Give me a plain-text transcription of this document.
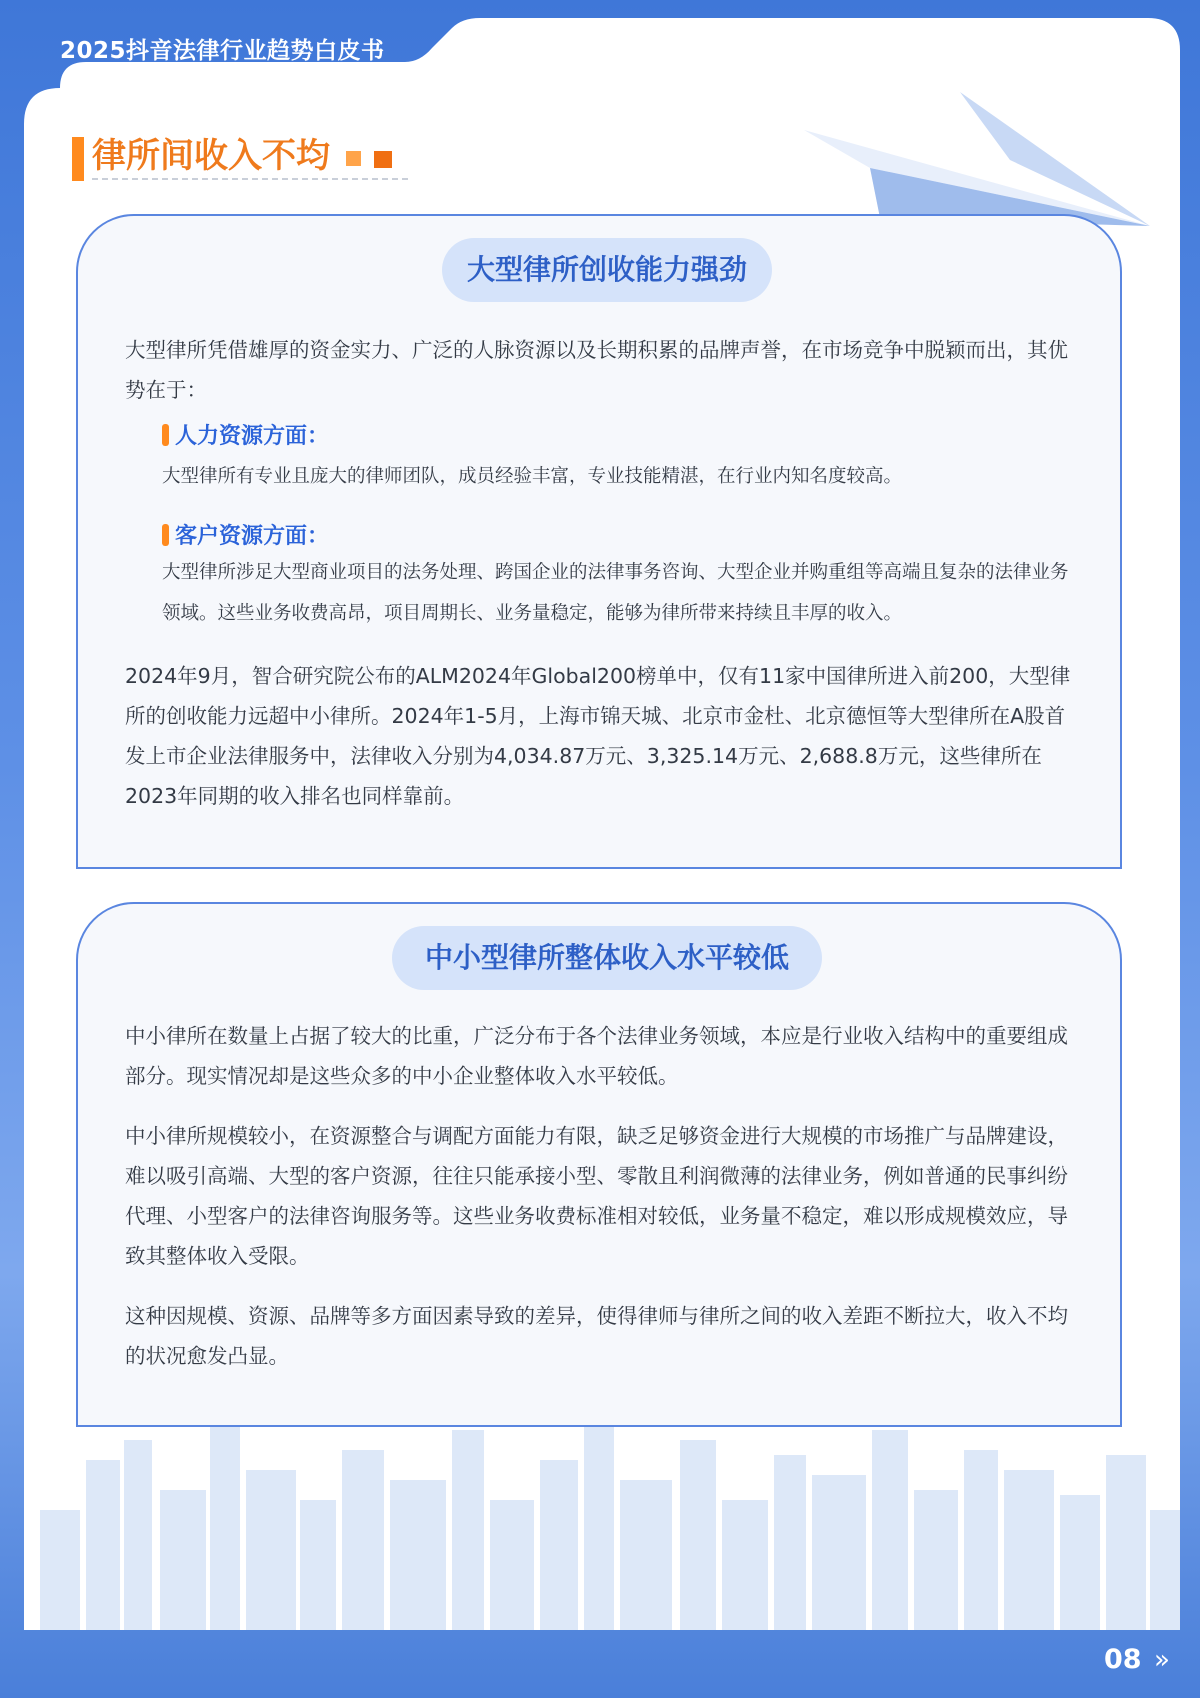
2025抖音法律行业趋势白皮书
律所间收入不均
大型律所创收能力强劲

大型律所凭借雄厚的资金实力、广泛的人脉资源以及长期积累的品牌声誉，在市场竞争中脱颖而出，其优势在于：

人力资源方面：

大型律所有专业且庞大的律师团队，成员经验丰富，专业技能精湛，在行业内知名度较高。

客户资源方面：

大型律所涉足大型商业项目的法务处理、跨国企业的法律事务咨询、大型企业并购重组等高端且复杂的法律业务领域。这些业务收费高昂，项目周期长、业务量稳定，能够为律所带来持续且丰厚的收入。

2024年9月，智合研究院公布的ALM2024年Global200榜单中，仅有11家中国律所进入前200，大型律所的创收能力远超中小律所。2024年1-5月，上海市锦天城、北京市金杜、北京德恒等大型律所在A股首发上市企业法律服务中，法律收入分别为4,034.87万元、3,325.14万元、2,688.8万元，这些律所在2023年同期的收入排名也同样靠前。

中小型律所整体收入水平较低

中小律所在数量上占据了较大的比重，广泛分布于各个法律业务领域，本应是行业收入结构中的重要组成部分。现实情况却是这些众多的中小企业整体收入水平较低。

中小律所规模较小，在资源整合与调配方面能力有限，缺乏足够资金进行大规模的市场推广与品牌建设，难以吸引高端、大型的客户资源，往往只能承接小型、零散且利润微薄的法律业务，例如普通的民事纠纷代理、小型客户的法律咨询服务等。这些业务收费标准相对较低，业务量不稳定，难以形成规模效应，导致其整体收入受限。

这种因规模、资源、品牌等多方面因素导致的差异，使得律师与律所之间的收入差距不断拉大，收入不均的状况愈发凸显。

08 »
